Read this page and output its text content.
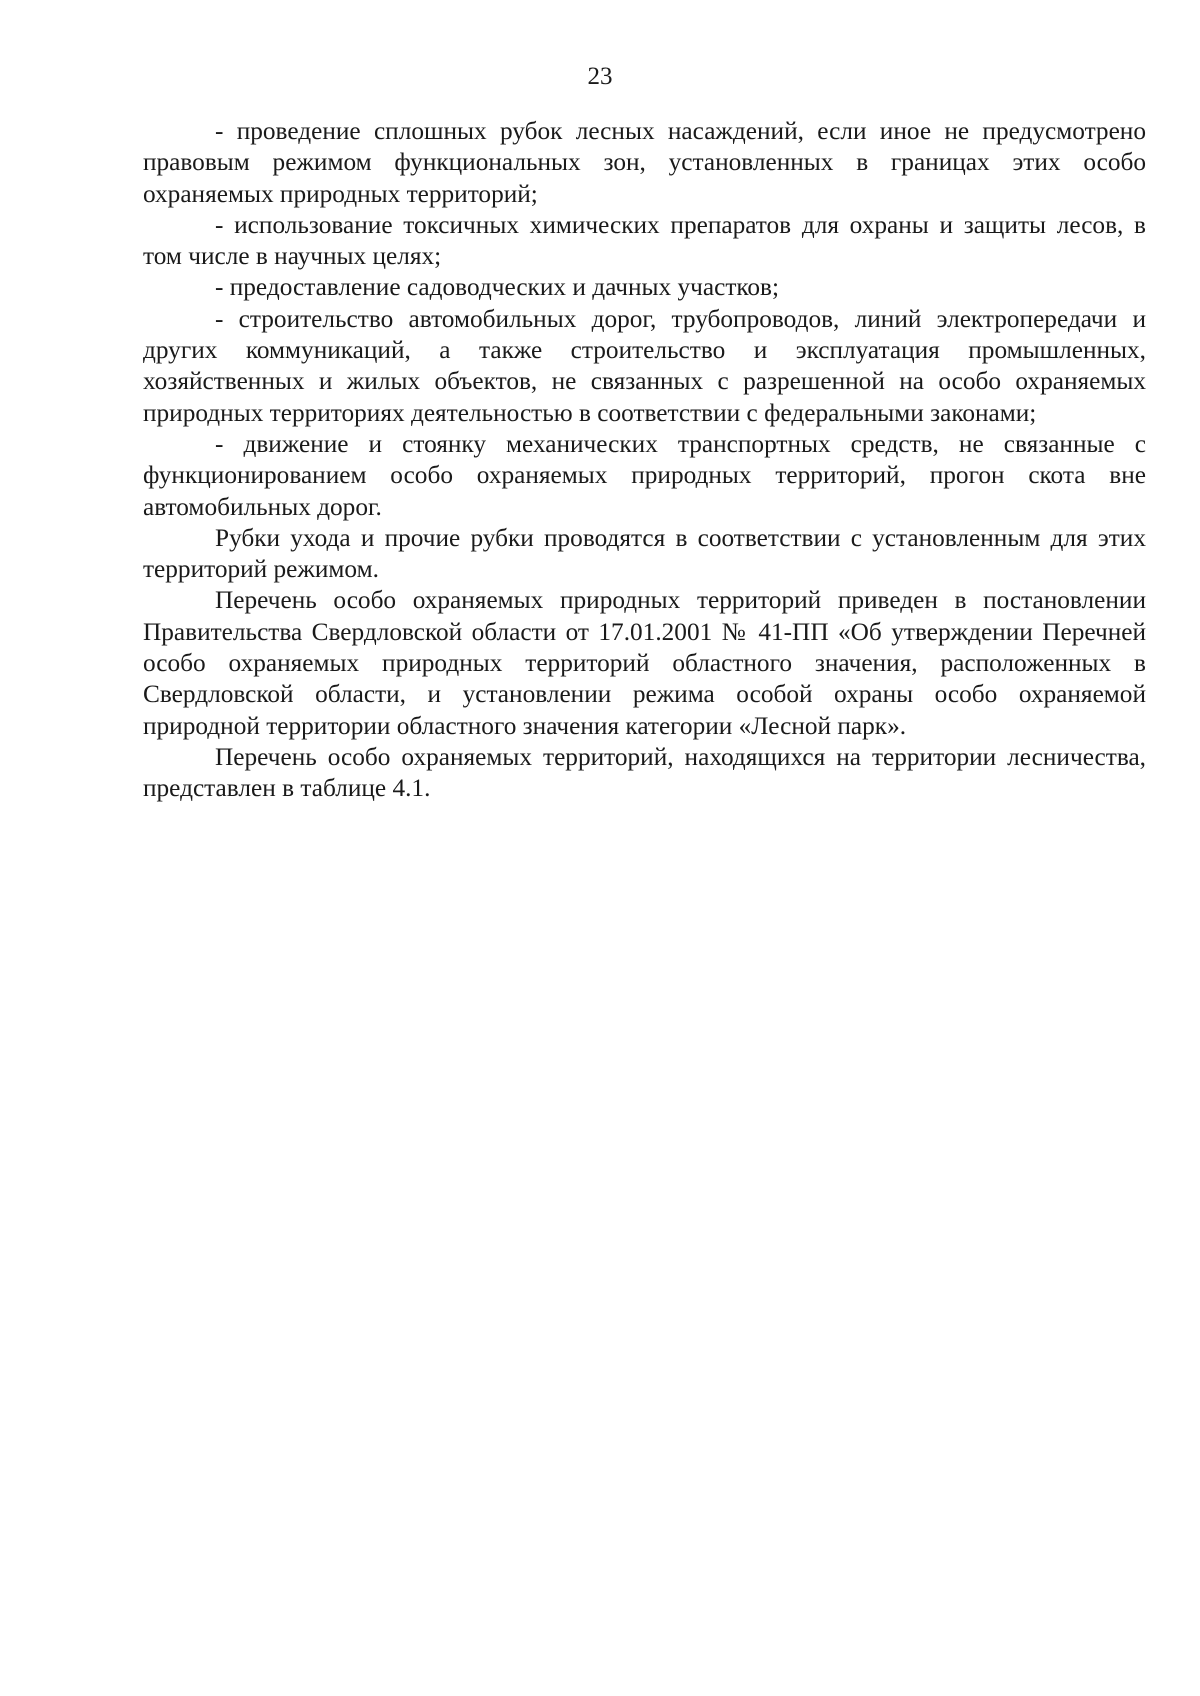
23

- проведение сплошных рубок лесных насаждений, если иное не предусмотрено правовым режимом функциональных зон, установленных в границах этих особо охраняемых природных территорий;

- использование токсичных химических препаратов для охраны и защиты лесов, в том числе в научных целях;

- предоставление садоводческих и дачных участков;

- строительство автомобильных дорог, трубопроводов, линий электропередачи и других коммуникаций, а также строительство и эксплуатация промышленных, хозяйственных и жилых объектов, не связанных с разрешенной на особо охраняемых природных территориях деятельностью в соответствии с федеральными законами;

- движение и стоянку механических транспортных средств, не связанные с функционированием особо охраняемых природных территорий, прогон скота вне автомобильных дорог.

Рубки ухода и прочие рубки проводятся в соответствии с установленным для этих территорий режимом.

Перечень особо охраняемых природных территорий приведен в постановлении Правительства Свердловской области от 17.01.2001 № 41-ПП «Об утверждении Перечней особо охраняемых природных территорий областного значения, расположенных в Свердловской области, и установлении режима особой охраны особо охраняемой природной территории областного значения категории «Лесной парк».

Перечень особо охраняемых территорий, находящихся на территории лесничества, представлен в таблице 4.1.
